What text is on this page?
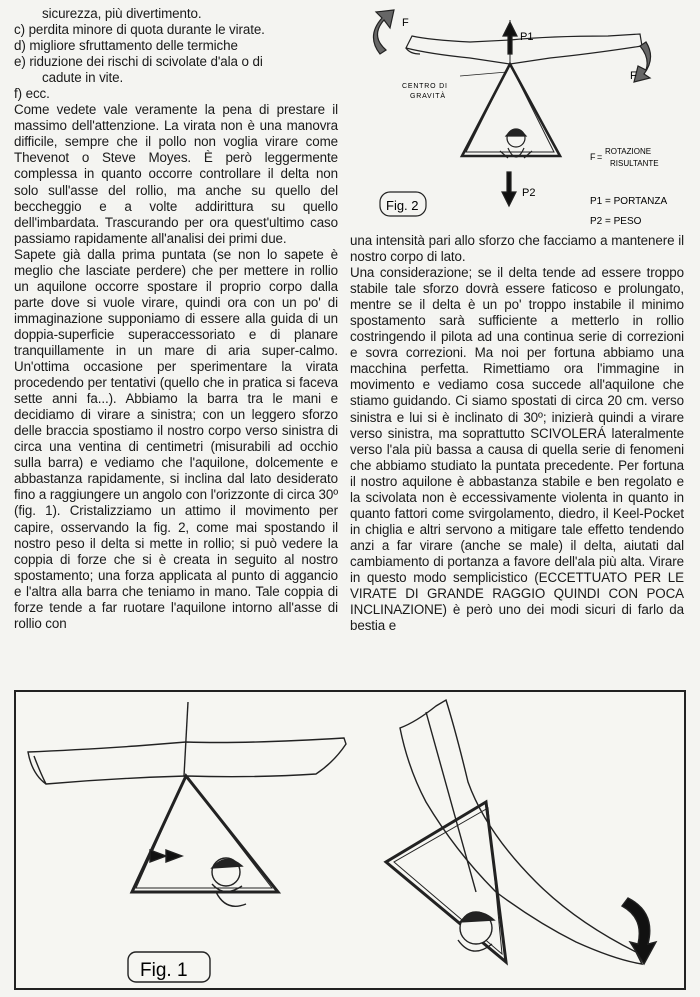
sicurezza, più divertimento.

c) perdita minore di quota durante le virate.

d) migliore sfruttamento delle termiche

e) riduzione dei rischi di scivolate d'ala o di

cadute in vite.

f) ecc.

Come vedete vale veramente la pena di prestare il massimo dell'attenzione. La virata non è una manovra difficile, sempre che il pollo non voglia virare come Thevenot o Steve Moyes. È però leggermente complessa in quanto occorre controllare il delta non solo sull'asse del rollio, ma anche su quello del beccheggio e a volte addirittura su quello dell'imbardata. Trascurando per ora quest'ultimo caso passiamo rapidamente all'analisi dei primi due.

Sapete già dalla prima puntata (se non lo sapete è meglio che lasciate perdere) che per mettere in rollio un aquilone occorre spostare il proprio corpo dalla parte dove si vuole virare, quindi ora con un po' di immaginazione supponiamo di essere alla guida di un doppia-superficie superaccessoriato e di planare tranquillamente in un mare di aria super-calmo. Un'ottima occasione per sperimentare la virata procedendo per tentativi (quello che in pratica si faceva sette anni fa...). Abbiamo la barra tra le mani e decidiamo di virare a sinistra; con un leggero sforzo delle braccia spostiamo il nostro corpo verso sinistra di circa una ventina di centimetri (misurabili ad occhio sulla barra) e vediamo che l'aquilone, dolcemente e abbastanza rapidamente, si inclina dal lato desiderato fino a raggiungere un angolo con l'orizzonte di circa 30º (fig. 1). Cristalizziamo un attimo il movimento per capire, osservando la fig. 2, come mai spostando il nostro peso il delta si mette in rollio; si può vedere la coppia di forze che si è creata in seguito al nostro spostamento; una forza applicata al punto di aggancio e l'altra alla barra che teniamo in mano. Tale coppia di forze tende a far ruotare l'aquilone intorno all'asse di rollio con

F
F
P1
P2
CENTRO DI
GRAVITÀ
F =
ROTAZIONE
RISULTANTE
P1 = PORTANZA
P2 = PESO
Fig. 2

una intensità pari allo sforzo che facciamo a mantenere il nostro corpo di lato.

Una considerazione; se il delta tende ad essere troppo stabile tale sforzo dovrà essere faticoso e prolungato, mentre se il delta è un po' troppo instabile il minimo spostamento sarà sufficiente a metterlo in rollio costringendo il pilota ad una continua serie di correzioni e sovra correzioni. Ma noi per fortuna abbiamo una macchina perfetta. Rimettiamo ora l'immagine in movimento e vediamo cosa succede all'aquilone che stiamo guidando. Ci siamo spostati di circa 20 cm. verso sinistra e lui si è inclinato di 30º; inizierà quindi a virare verso sinistra, ma soprattutto SCIVOLERÁ lateralmente verso l'ala più bassa a causa di quella serie di fenomeni che abbiamo studiato la puntata precedente. Per fortuna il nostro aquilone è abbastanza stabile e ben regolato e la scivolata non è eccessivamente violenta in quanto in quanto fattori come svirgolamento, diedro, il Keel-Pocket in chiglia e altri servono a mitigare tale effetto tendendo anzi a far virare (anche se male) il delta, aiutati dal cambiamento di portanza a favore dell'ala più alta. Virare in questo modo semplicistico (ECCETTUATO PER LE VIRATE DI GRANDE RAGGIO QUINDI CON POCA INCLINAZIONE) è però uno dei modi sicuri di farlo da bestia e

Fig. 1
